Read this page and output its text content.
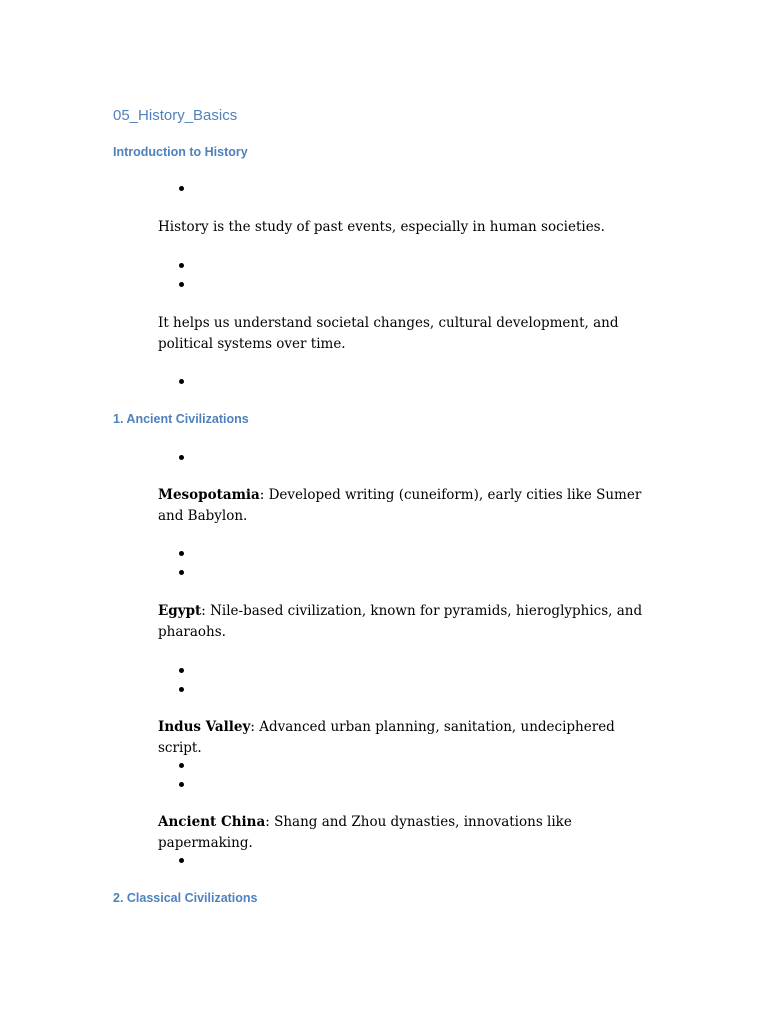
05_History_Basics
Introduction to History
History is the study of past events, especially in human societies.
It helps us understand societal changes, cultural development, and political systems over time.
1. Ancient Civilizations
Mesopotamia: Developed writing (cuneiform), early cities like Sumer and Babylon.
Egypt: Nile-based civilization, known for pyramids, hieroglyphics, and pharaohs.
Indus Valley: Advanced urban planning, sanitation, undeciphered script.
Ancient China: Shang and Zhou dynasties, innovations like papermaking.
2. Classical Civilizations
